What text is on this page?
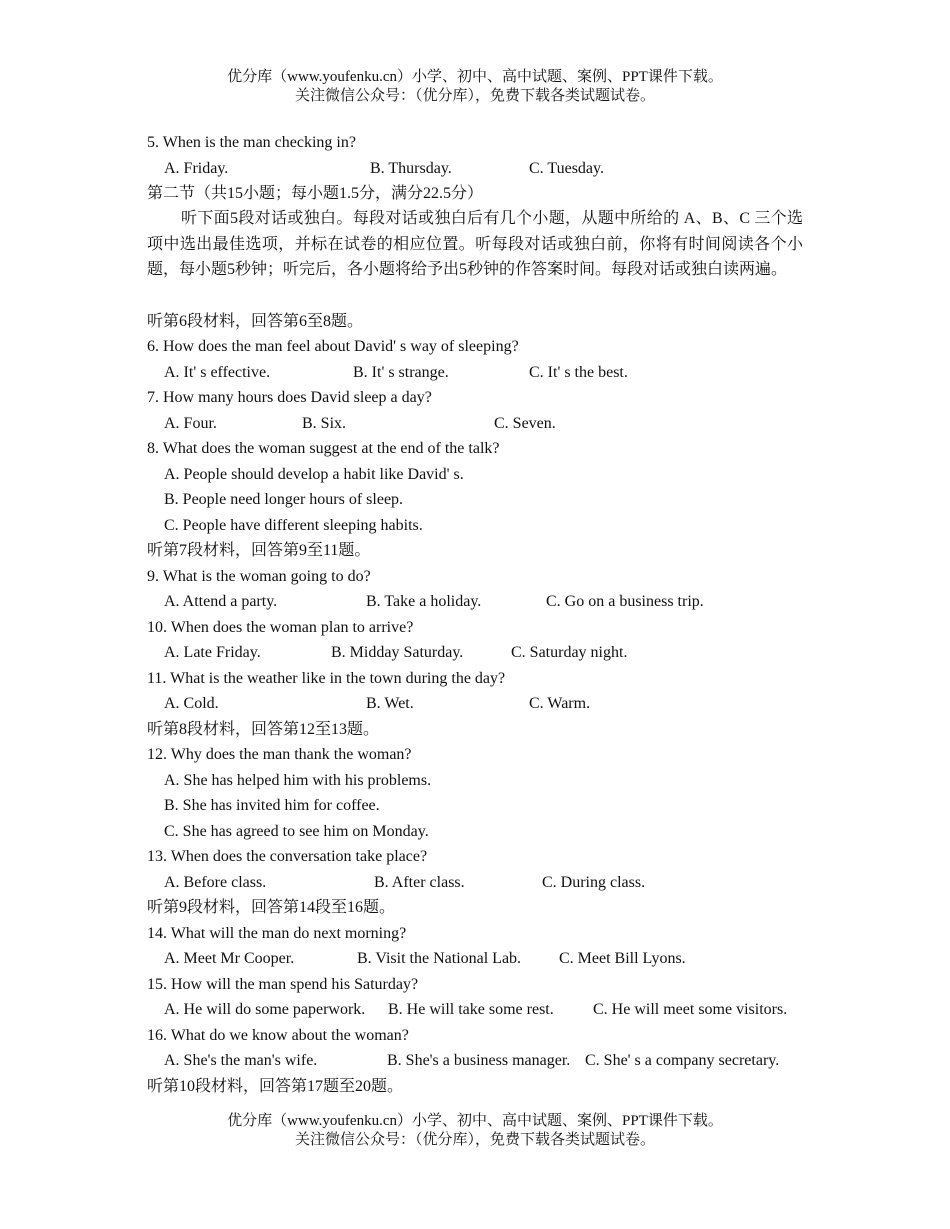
优分库（www.youfenku.cn）小学、初中、高中试题、案例、PPT课件下载。
关注微信公众号：（优分库），免费下载各类试题试卷。
5. When is the man checking in?
A. Friday.	B. Thursday.	C. Tuesday.
第二节（共15小题；每小题1.5分，满分22.5分）
听下面5段对话或独白。每段对话或独白后有几个小题，从题中所给的 A、B、C 三个选项中选出最佳选项，并标在试卷的相应位置。听每段对话或独白前，你将有时间阅读各个小题，每小题5秒钟；听完后，各小题将给予出5秒钟的作答案时间。每段对话或独白读两遍。
听第6段材料，回答第6至8题。
6. How does the man feel about David' s way of sleeping?
A. It' s effective.	B. It' s strange.	C. It' s the best.
7. How many hours does David sleep a day?
A. Four.	B. Six.	C. Seven.
8. What does the woman suggest at the end of the talk?
A. People should develop a habit like David' s.
B. People need longer hours of sleep.
C. People have different sleeping habits.
听第7段材料，回答第9至11题。
9. What is the woman going to do?
A. Attend a party.	B. Take a holiday.	C. Go on a business trip.
10. When does the woman plan to arrive?
A. Late Friday.	B. Midday Saturday.	C. Saturday night.
11. What is the weather like in the town during the day?
A. Cold.	B. Wet.	C. Warm.
听第8段材料，回答第12至13题。
12. Why does the man thank the woman?
A. She has helped him with his problems.
B. She has invited him for coffee.
C. She has agreed to see him on Monday.
13. When does the conversation take place?
A. Before class.	B. After class.	C. During class.
听第9段材料，回答第14段至16题。
14. What will the man do next morning?
A. Meet Mr Cooper.	B. Visit the National Lab. C. Meet Bill Lyons.
15. How will the man spend his Saturday?
A. He will do some paperwork. B. He will take some rest. C. He will meet some visitors.
16. What do we know about the woman?
A. She's the man's wife.	B. She's a business manager. C. She' s a company secretary.
听第10段材料，回答第17题至20题。
优分库（www.youfenku.cn）小学、初中、高中试题、案例、PPT课件下载。
关注微信公众号：（优分库），免费下载各类试题试卷。
